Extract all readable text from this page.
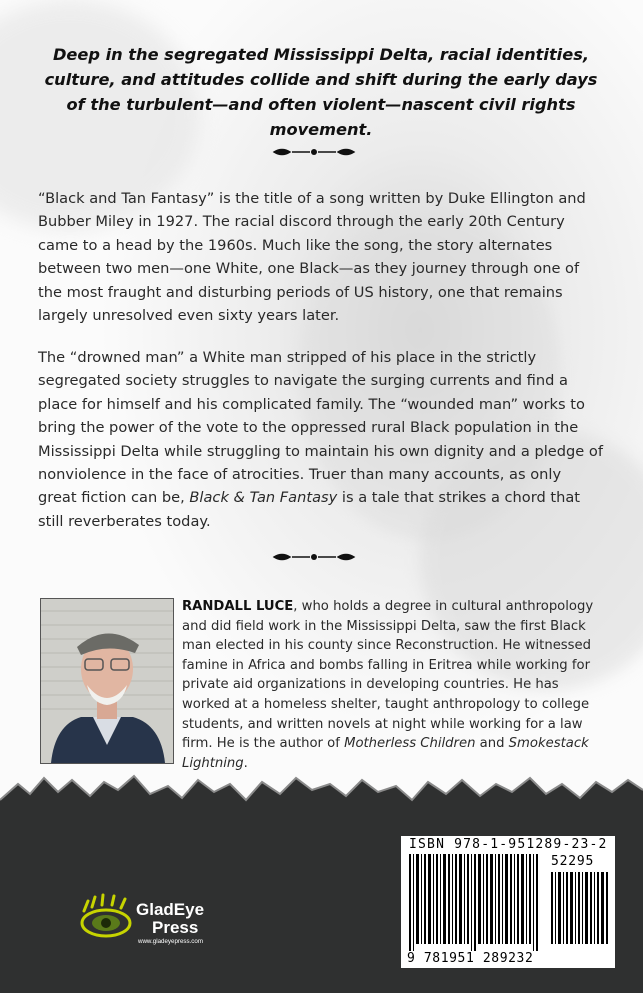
Deep in the segregated Mississippi Delta, racial identities, culture, and attitudes collide and shift during the early days of the turbulent—and often violent—nascent civil rights movement.

“Black and Tan Fantasy” is the title of a song written by Duke Ellington and Bubber Miley in 1927. The racial discord through the early 20th Century came to a head by the 1960s. Much like the song, the story alternates between two men—one White, one Black—as they journey through one of the most fraught and disturbing periods of US history, one that remains largely unresolved even sixty years later.

The “drowned man” a White man stripped of his place in the strictly segregated society struggles to navigate the surging currents and find a place for himself and his complicated family. The “wounded man” works to bring the power of the vote to the oppressed rural Black population in the Mississippi Delta while struggling to maintain his own dignity and a pledge of nonviolence in the face of atrocities. Truer than many accounts, as only great fiction can be, Black & Tan Fantasy is a tale that strikes a chord that still reverberates today.

RANDALL LUCE, who holds a degree in cultural anthropology and did field work in the Mississippi Delta, saw the first Black man elected in his county since Reconstruction. He witnessed famine in Africa and bombs falling in Eritrea while working for private aid organizations in developing countries. He has worked at a homeless shelter, taught anthropology to college students, and written novels at night while working for a law firm. He is the author of Motherless Children and Smokestack Lightning.

GladEye
Press
www.gladeyepress.com
ISBN 978-1-951289-23-2
52295
9 781951 289232
